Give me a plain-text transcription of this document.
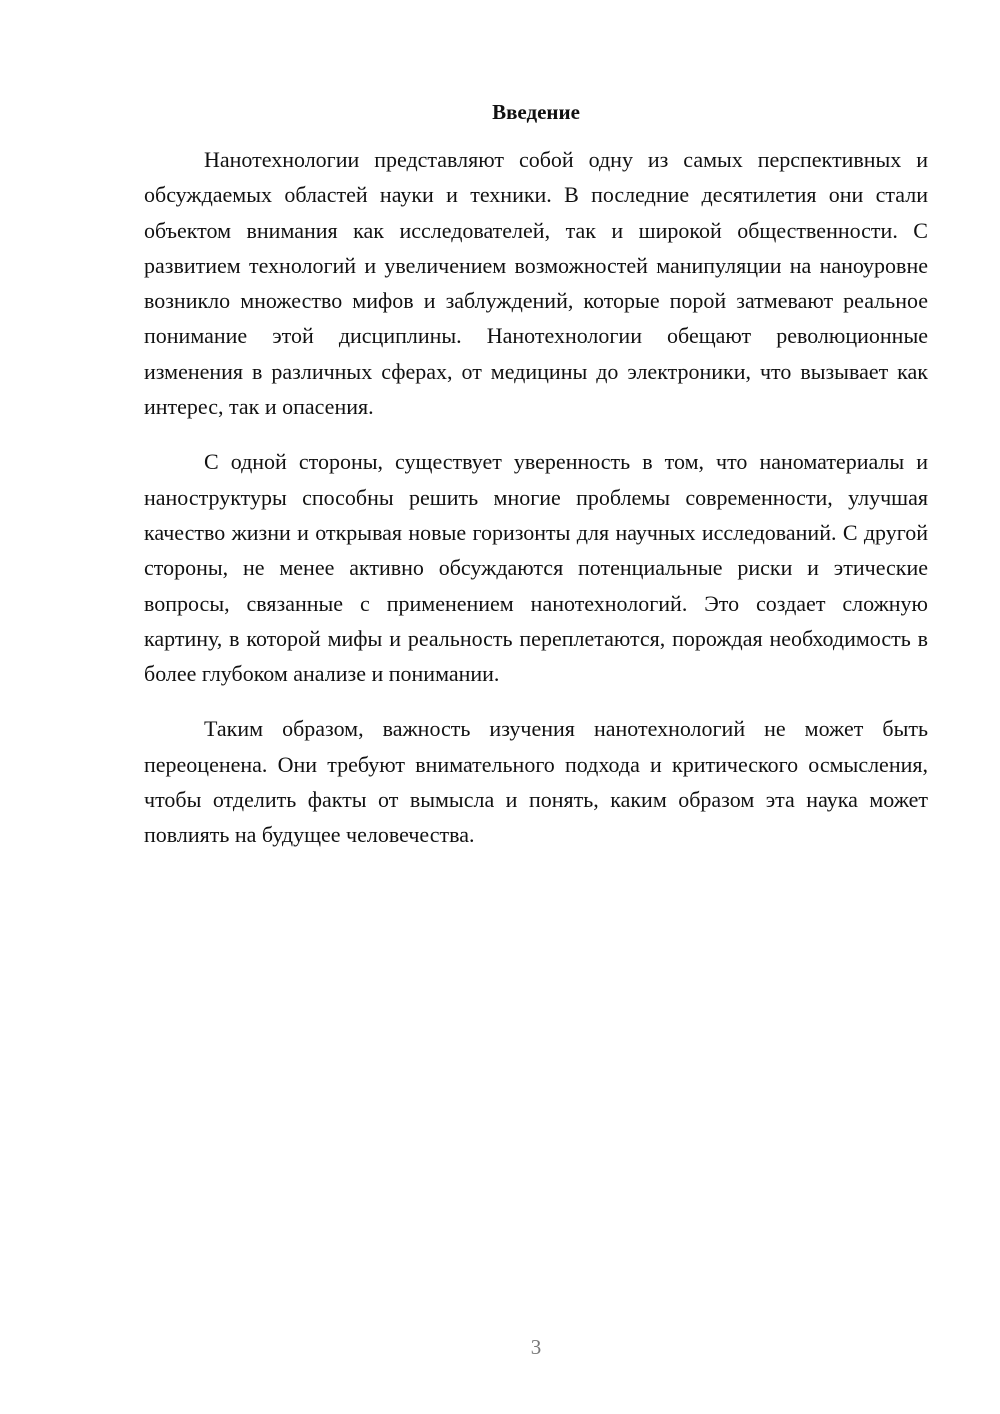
Введение

Нанотехнологии представляют собой одну из самых перспективных и обсуждаемых областей науки и техники. В последние десятилетия они стали объектом внимания как исследователей, так и широкой общественности. С развитием технологий и увеличением возможностей манипуляции на наноуровне возникло множество мифов и заблуждений, которые порой затмевают реальное понимание этой дисциплины. Нанотехнологии обещают революционные изменения в различных сферах, от медицины до электроники, что вызывает как интерес, так и опасения.

С одной стороны, существует уверенность в том, что наноматериалы и наноструктуры способны решить многие проблемы современности, улучшая качество жизни и открывая новые горизонты для научных исследований. С другой стороны, не менее активно обсуждаются потенциальные риски и этические вопросы, связанные с применением нанотехнологий. Это создает сложную картину, в которой мифы и реальность переплетаются, порождая необходимость в более глубоком анализе и понимании.

Таким образом, важность изучения нанотехнологий не может быть переоценена. Они требуют внимательного подхода и критического осмысления, чтобы отделить факты от вымысла и понять, каким образом эта наука может повлиять на будущее человечества.

3
